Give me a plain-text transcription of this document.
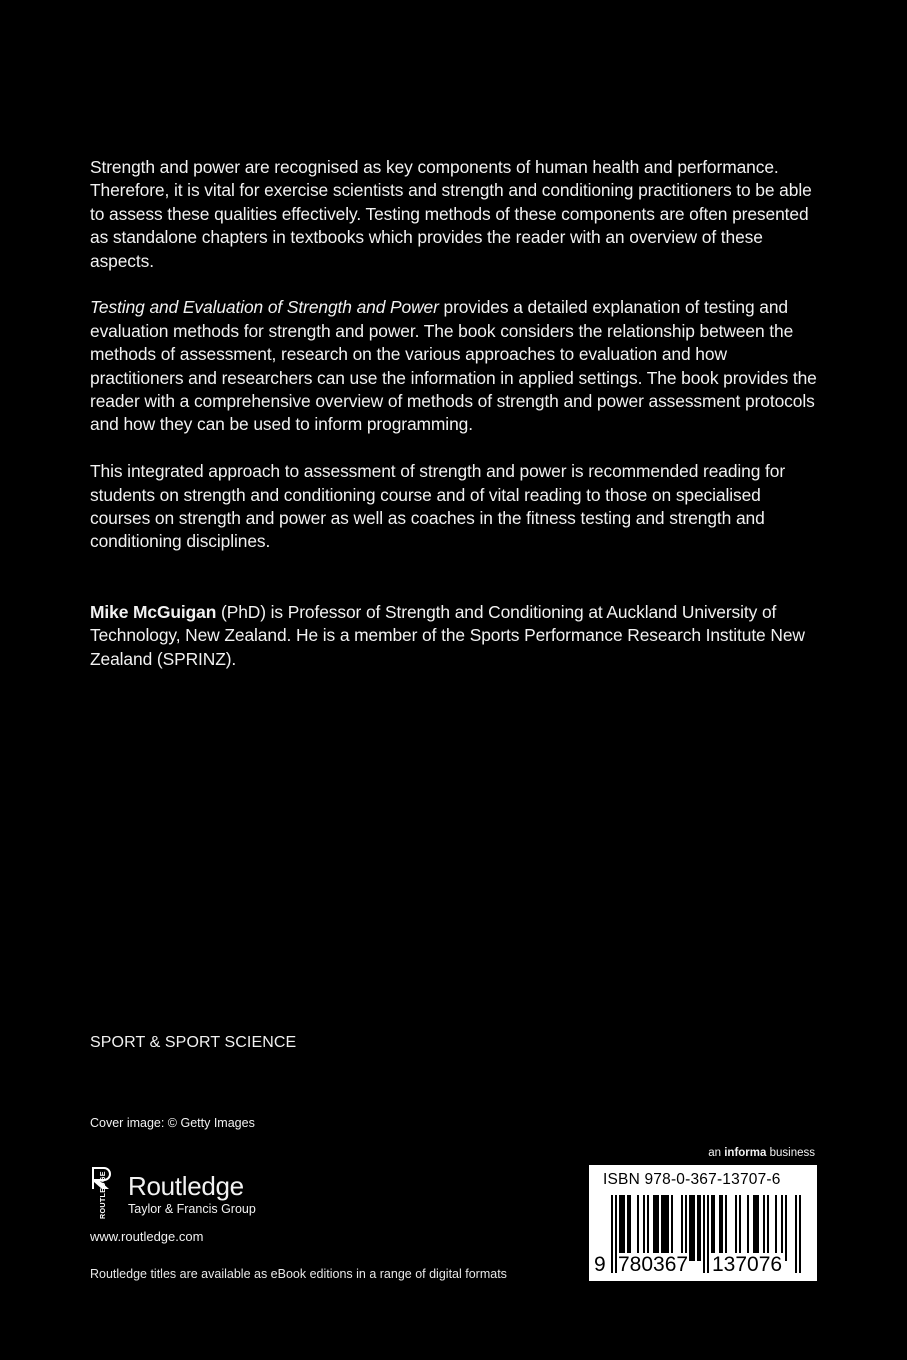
Strength and power are recognised as key components of human health and performance. Therefore, it is vital for exercise scientists and strength and conditioning practitioners to be able to assess these qualities effectively. Testing methods of these components are often presented as standalone chapters in textbooks which provides the reader with an overview of these aspects.

Testing and Evaluation of Strength and Power provides a detailed explanation of testing and evaluation methods for strength and power. The book considers the relationship between the methods of assessment, research on the various approaches to evaluation and how practitioners and researchers can use the information in applied settings. The book provides the reader with a comprehensive overview of methods of strength and power assessment protocols and how they can be used to inform programming.

This integrated approach to assessment of strength and power is recommended reading for students on strength and conditioning course and of vital reading to those on specialised courses on strength and power as well as coaches in the fitness testing and strength and conditioning disciplines.

Mike McGuigan (PhD) is Professor of Strength and Conditioning at Auckland University of Technology, New Zealand. He is a member of the Sports Performance Research Institute New Zealand (SPRINZ).

SPORT & SPORT SCIENCE
Cover image: © Getty Images
ROUTLEDGE Routledge
Taylor & Francis Group
www.routledge.com
Routledge titles are available as eBook editions in a range of digital formats
an informa business
ISBN 978-0-367-13707-6
9 780367 137076
